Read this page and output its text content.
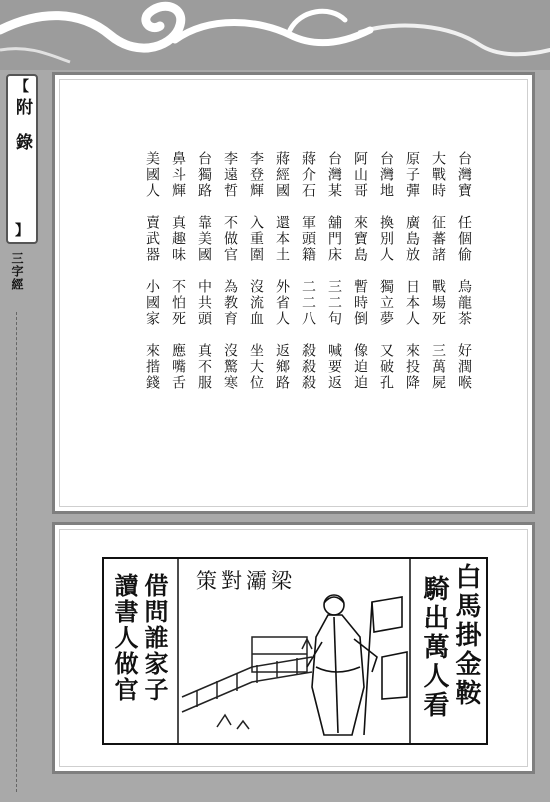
【
附錄
】
三字經	台灣寶　任個偷　烏龍茶　好潤喉
大戰時　征蕃諸　戰場死　三萬屍
原子彈　廣島放　日本人　來投降
台灣地　換別人　獨立夢　又破孔
阿山哥　來寶島　暫時倒　像迫迫
台灣某　舖門床　三二句　喊要返
蔣介石　軍頭籍　二二八　殺殺殺
蔣經國　還本土　外省人　返鄉路
李登輝　入重圍　沒流血　坐大位
李遠哲　不做官　為教育　沒驚寒
台獨路　靠美國　中共頭　真不服
鼻斗輝　真趣味　不怕死　應嘴舌
美國人　賣武器　小國家　來揩錢
讀書人做官 借問誰家子 策對灞梁	騎出萬人看 白馬掛金鞍
